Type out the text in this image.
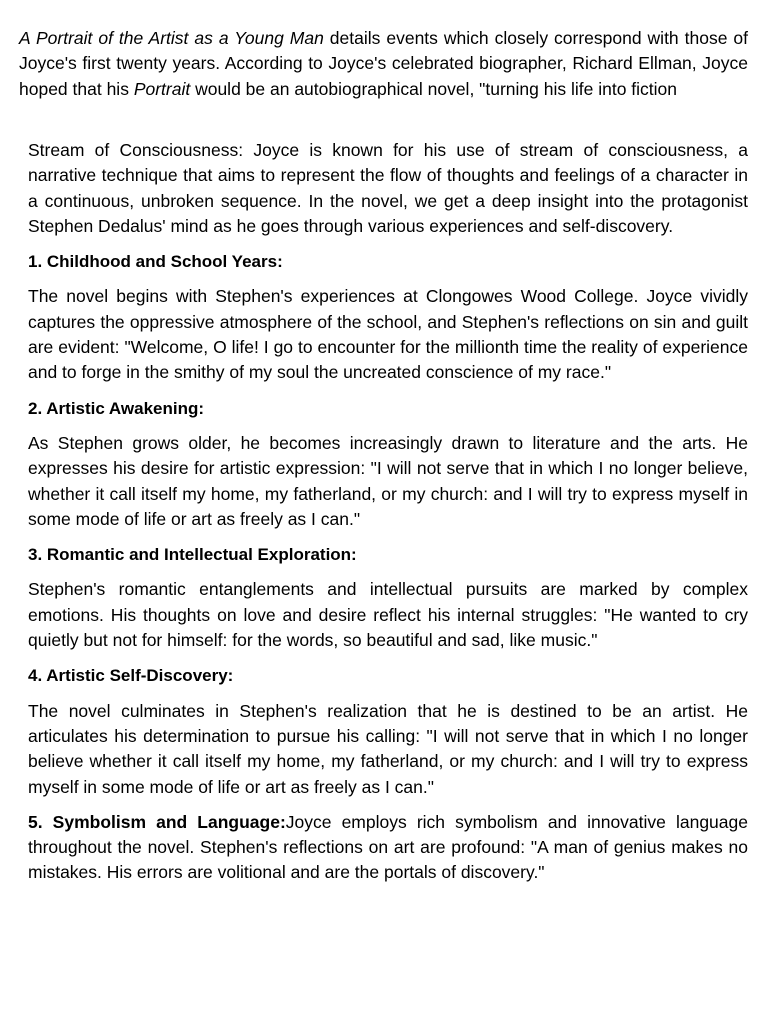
A Portrait of the Artist as a Young Man details events which closely correspond with those of Joyce's first twenty years. According to Joyce's celebrated biographer, Richard Ellman, Joyce hoped that his Portrait would be an autobiographical novel, "turning his life into fiction

Stream of Consciousness: Joyce is known for his use of stream of consciousness, a narrative technique that aims to represent the flow of thoughts and feelings of a character in a continuous, unbroken sequence. In the novel, we get a deep insight into the protagonist Stephen Dedalus' mind as he goes through various experiences and self-discovery.

1. Childhood and School Years:

The novel begins with Stephen's experiences at Clongowes Wood College. Joyce vividly captures the oppressive atmosphere of the school, and Stephen's reflections on sin and guilt are evident: "Welcome, O life! I go to encounter for the millionth time the reality of experience and to forge in the smithy of my soul the uncreated conscience of my race."

2. Artistic Awakening:

As Stephen grows older, he becomes increasingly drawn to literature and the arts. He expresses his desire for artistic expression: "I will not serve that in which I no longer believe, whether it call itself my home, my fatherland, or my church: and I will try to express myself in some mode of life or art as freely as I can."

3. Romantic and Intellectual Exploration:

Stephen's romantic entanglements and intellectual pursuits are marked by complex emotions. His thoughts on love and desire reflect his internal struggles: "He wanted to cry quietly but not for himself: for the words, so beautiful and sad, like music."

4. Artistic Self-Discovery:

The novel culminates in Stephen's realization that he is destined to be an artist. He articulates his determination to pursue his calling: "I will not serve that in which I no longer believe whether it call itself my home, my fatherland, or my church: and I will try to express myself in some mode of life or art as freely as I can."

5. Symbolism and Language:Joyce employs rich symbolism and innovative language throughout the novel. Stephen's reflections on art are profound: "A man of genius makes no mistakes. His errors are volitional and are the portals of discovery."
